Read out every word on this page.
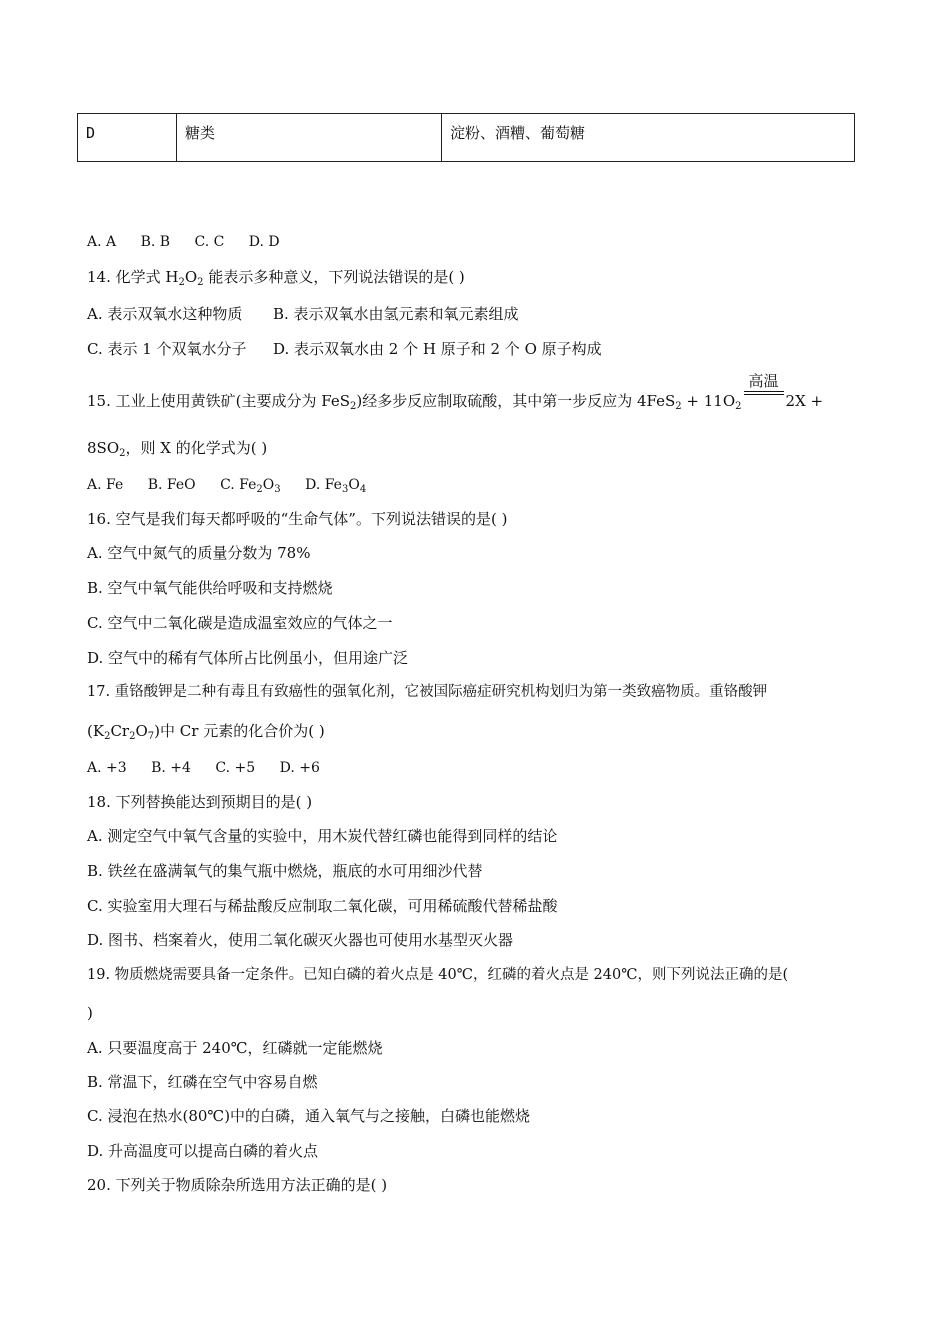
D	糖类	淀粉、酒糟、葡萄糖
A. A B. B C. C D. D
14. 化学式 $H_2O_2$ 能表示多种意义，下列说法错误的是( )
A. 表示双氧水这种物质 B. 表示双氧水由氢元素和氧元素组成
C. 表示 1 个双氧水分子 D. 表示双氧水由 2 个 H 原子和 2 个 O 原子构成
15. 工业上使用黄铁矿(主要成分为 FeS$_2$)经多步反应制取硫酸，其中第一步反应为 $4FeS_2 + 11O_2$
高温
2X +
$8SO_2$，则 X 的化学式为( )
A. Fe B. FeO C. $Fe_2O_3$ D. $Fe_3O_4$
16. 空气是我们每天都呼吸的“生命气体”。下列说法错误的是( )
A. 空气中氮气的质量分数为 78%
B. 空气中氧气能供给呼吸和支持燃烧
C. 空气中二氧化碳是造成温室效应的气体之一
D. 空气中的稀有气体所占比例虽小，但用途广泛
17. 重铬酸钾是二种有毒且有致癌性的强氧化剂，它被国际癌症研究机构划归为第一类致癌物质。重铬酸钾
$(K_2Cr_2O_7)$中 Cr 元素的化合价为( )
A. +3 B. +4 C. +5 D. +6
18. 下列替换能达到预期目的是( )
A. 测定空气中氧气含量的实验中，用木炭代替红磷也能得到同样的结论
B. 铁丝在盛满氧气的集气瓶中燃烧，瓶底的水可用细沙代替
C. 实验室用大理石与稀盐酸反应制取二氧化碳，可用稀硫酸代替稀盐酸
D. 图书、档案着火，使用二氧化碳灭火器也可使用水基型灭火器
19. 物质燃烧需要具备一定条件。已知白磷的着火点是 40℃，红磷的着火点是 240℃，则下列说法正确的是(
)
A. 只要温度高于 240℃，红磷就一定能燃烧
B. 常温下，红磷在空气中容易自燃
C. 浸泡在热水(80℃)中的白磷，通入氧气与之接触，白磷也能燃烧
D. 升高温度可以提高白磷的着火点
20. 下列关于物质除杂所选用方法正确的是( )
